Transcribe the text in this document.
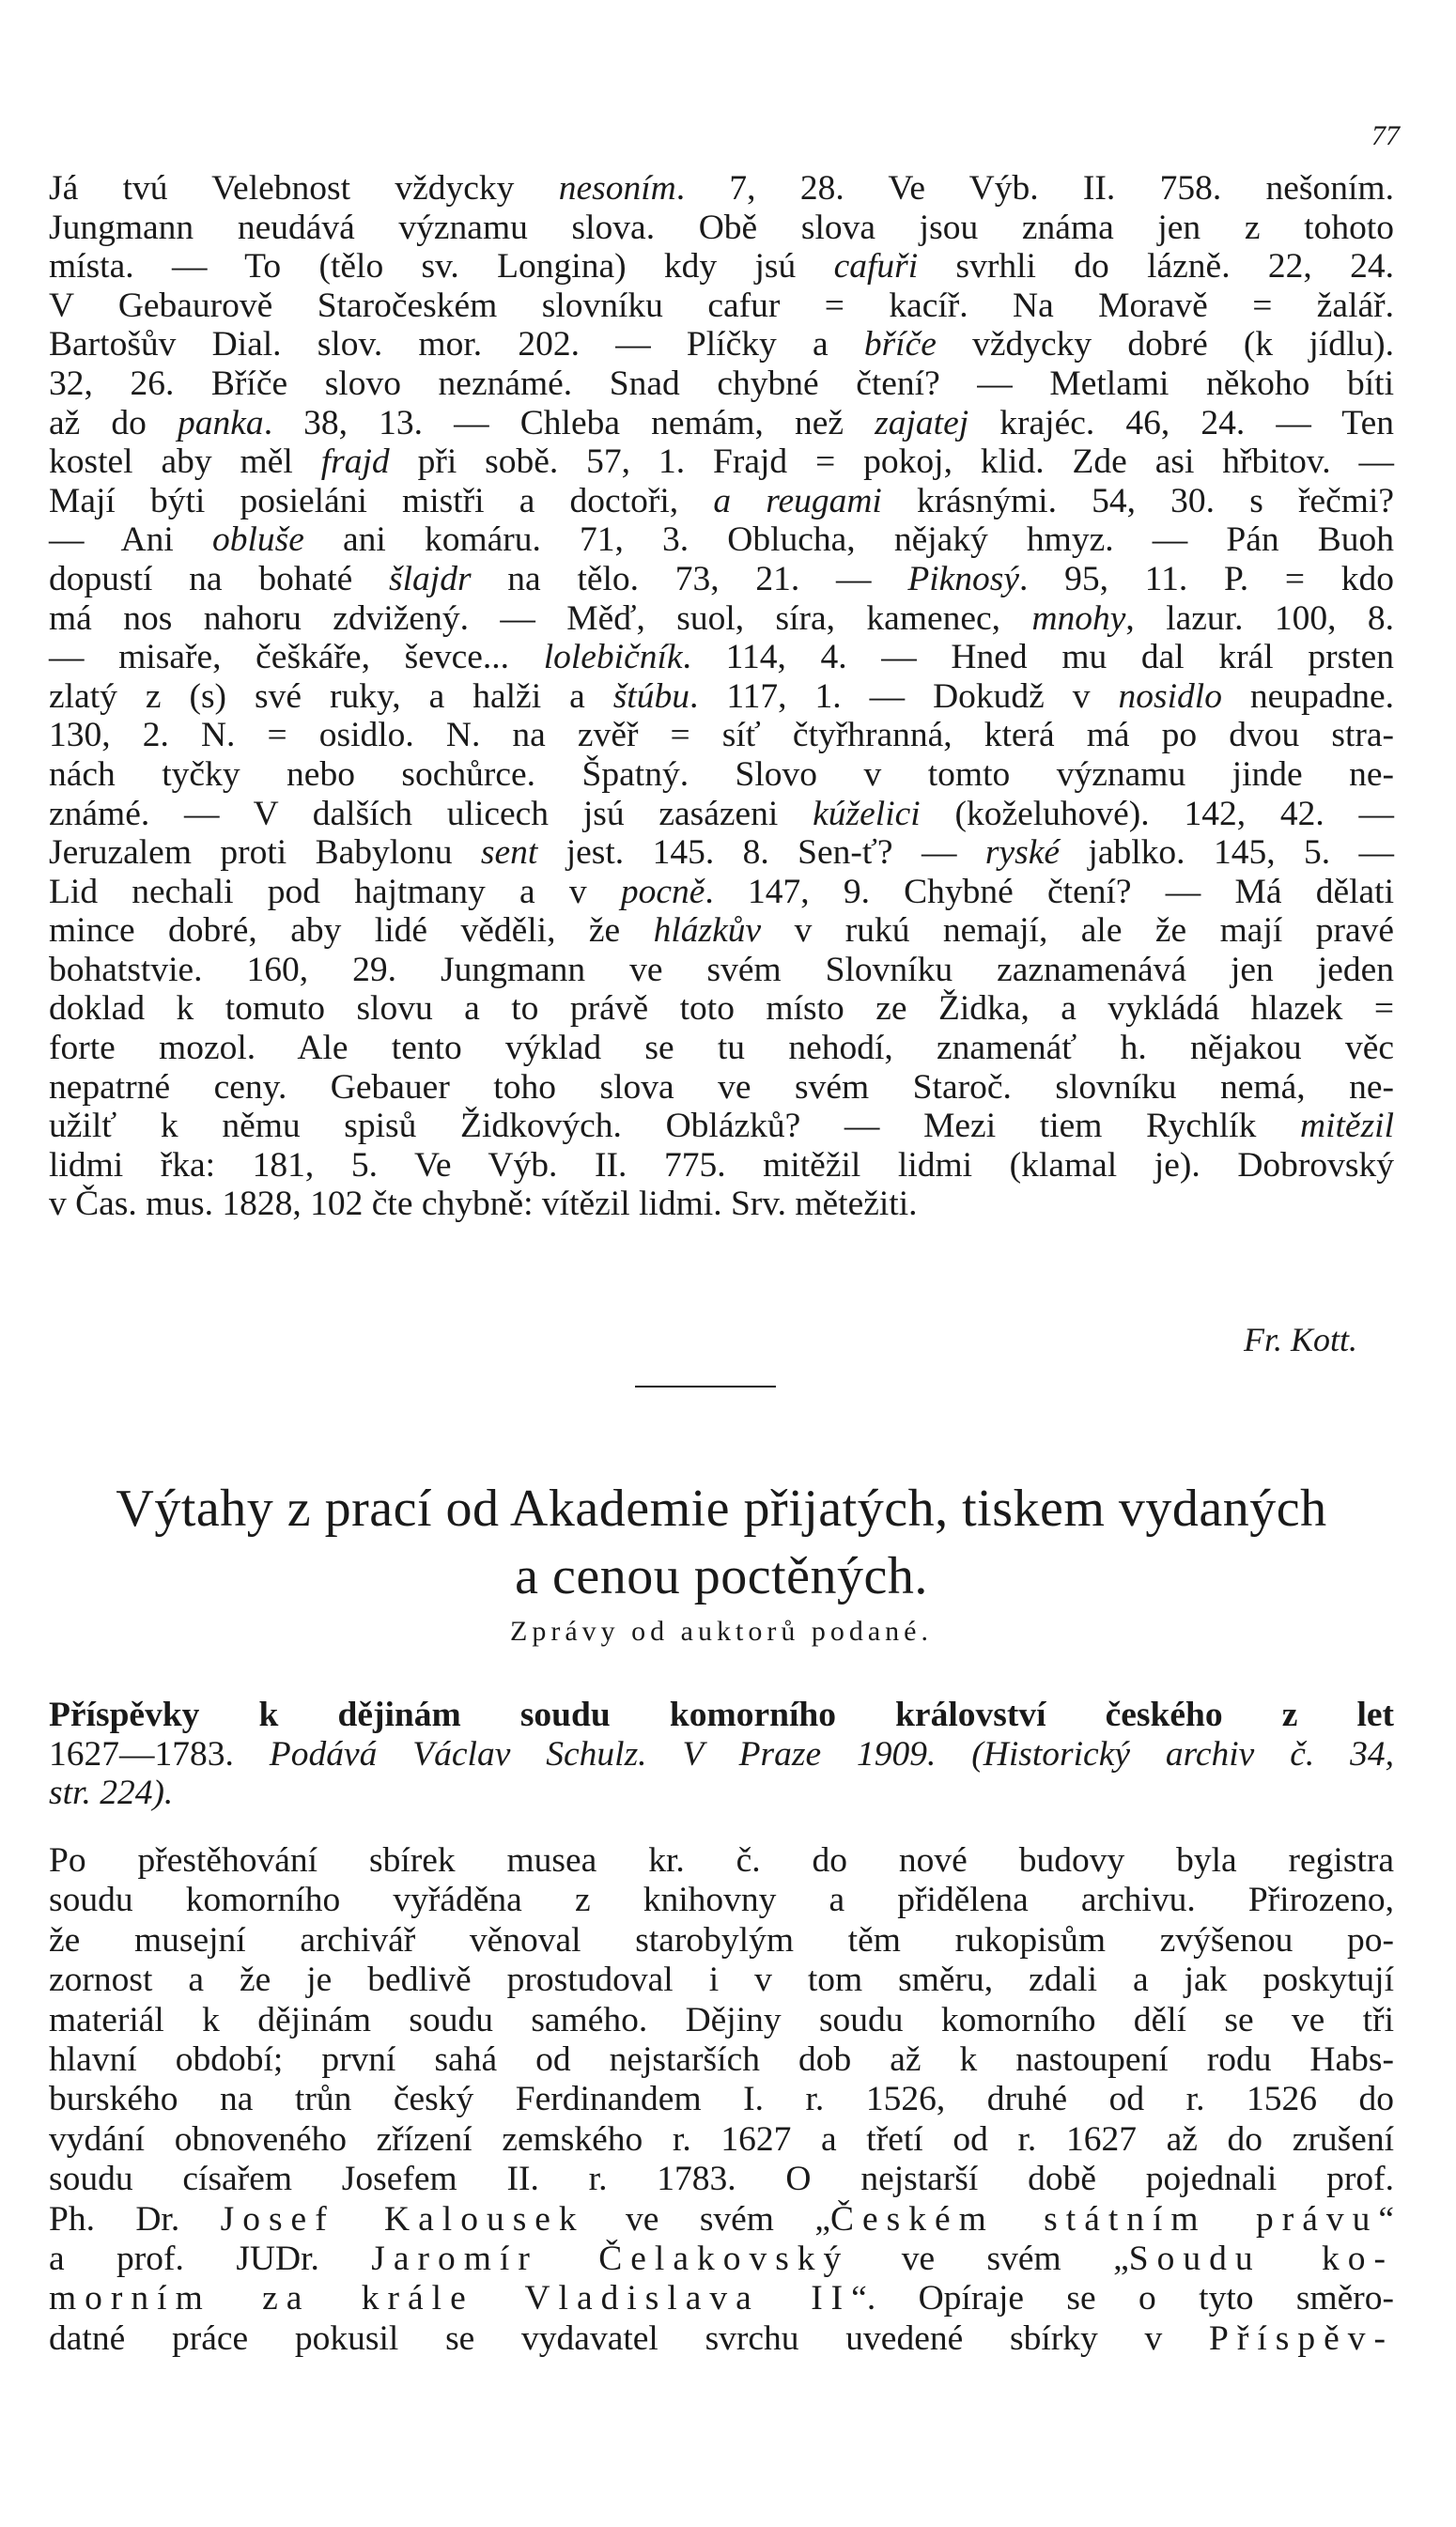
77

Já tvú Velebnost vždycky nesoním. 7, 28. Ve Výb. II. 758. nešoním.

Jungmann neudává významu slova. Obě slova jsou známa jen z tohoto

místa. — To (tělo sv. Longina) kdy jsú cafuři svrhli do lázně. 22, 24.

V Gebaurově Staročeském slovníku cafur = kacíř. Na Moravě = žalář.

Bartošův Dial. slov. mor. 202. — Plíčky a bříče vždycky dobré (k jídlu).

32, 26. Bříče slovo neznámé. Snad chybné čtení? — Metlami někoho bíti

až do panka. 38, 13. — Chleba nemám, než zajatej krajéc. 46, 24. — Ten

kostel aby měl frajd při sobě. 57, 1. Frajd = pokoj, klid. Zde asi hřbitov. —

Mají býti posieláni mistři a doctoři, a reugami krásnými. 54, 30. s řečmi?

— Ani obluše ani komáru. 71, 3. Oblucha, nějaký hmyz. — Pán Buoh

dopustí na bohaté šlajdr na tělo. 73, 21. — Piknosý. 95, 11. P. = kdo

má nos nahoru zdvižený. — Měď, suol, síra, kamenec, mnohy, lazur. 100, 8.

— misaře, češkáře, ševce... lolebičník. 114, 4. — Hned mu dal král prsten

zlatý z (s) své ruky, a halži a štúbu. 117, 1. — Dokudž v nosidlo neupadne.

130, 2. N. = osidlo. N. na zvěř = síť čtyřhranná, která má po dvou stra-

nách tyčky nebo sochůrce. Špatný. Slovo v tomto významu jinde ne-

známé. — V dalších ulicech jsú zasázeni kúželici (koželuhové). 142, 42. —

Jeruzalem proti Babylonu sent jest. 145. 8. Sen-ť? — ryské jablko. 145, 5. —

Lid nechali pod hajtmany a v pocně. 147, 9. Chybné čtení? — Má dělati

mince dobré, aby lidé věděli, že hlázkův v rukú nemají, ale že mají pravé

bohatstvie. 160, 29. Jungmann ve svém Slovníku zaznamenává jen jeden

doklad k tomuto slovu a to právě toto místo ze Židka, a vykládá hlazek =

forte mozol. Ale tento výklad se tu nehodí, znamenáť h. nějakou věc

nepatrné ceny. Gebauer toho slova ve svém Staroč. slovníku nemá, ne-

užilť k němu spisů Židkových. Oblázků? — Mezi tiem Rychlík mitězil

lidmi řka: 181, 5. Ve Výb. II. 775. mitěžil lidmi (klamal je). Dobrovský

v Čas. mus. 1828, 102 čte chybně: vítězil lidmi. Srv. mětežiti.

Fr. Kott.
Výtahy z prací od Akademie přijatých, tiskem vydaných
a cenou poctěných.
Zprávy od auktorů podané.

Příspěvky k dějinám soudu komorního království českého z let

1627—1783. Podává Václav Schulz. V Praze 1909. (Historický archiv č. 34,

str. 224).

Po přestěhování sbírek musea kr. č. do nové budovy byla registra

soudu komorního vyřáděna z knihovny a přidělena archivu. Přirozeno,

že musejní archivář věnoval starobylým těm rukopisům zvýšenou po-

zornost a že je bedlivě prostudoval i v tom směru, zdali a jak poskytují

materiál k dějinám soudu samého. Dějiny soudu komorního dělí se ve tři

hlavní období; první sahá od nejstarších dob až k nastoupení rodu Habs-

burského na trůn český Ferdinandem I. r. 1526, druhé od r. 1526 do

vydání obnoveného zřízení zemského r. 1627 a třetí od r. 1627 až do zrušení

soudu císařem Josefem II. r. 1783. O nejstarší době pojednali prof.

Ph. Dr. Josef Kalousek ve svém „Českém státním právu“

a prof. JUDr. Jaromír Čelakovský ve svém „Soudu ko-

morním za krále Vladislava II“. Opíraje se o tyto směro-

datné práce pokusil se vydavatel svrchu uvedené sbírky v Příspěv-
